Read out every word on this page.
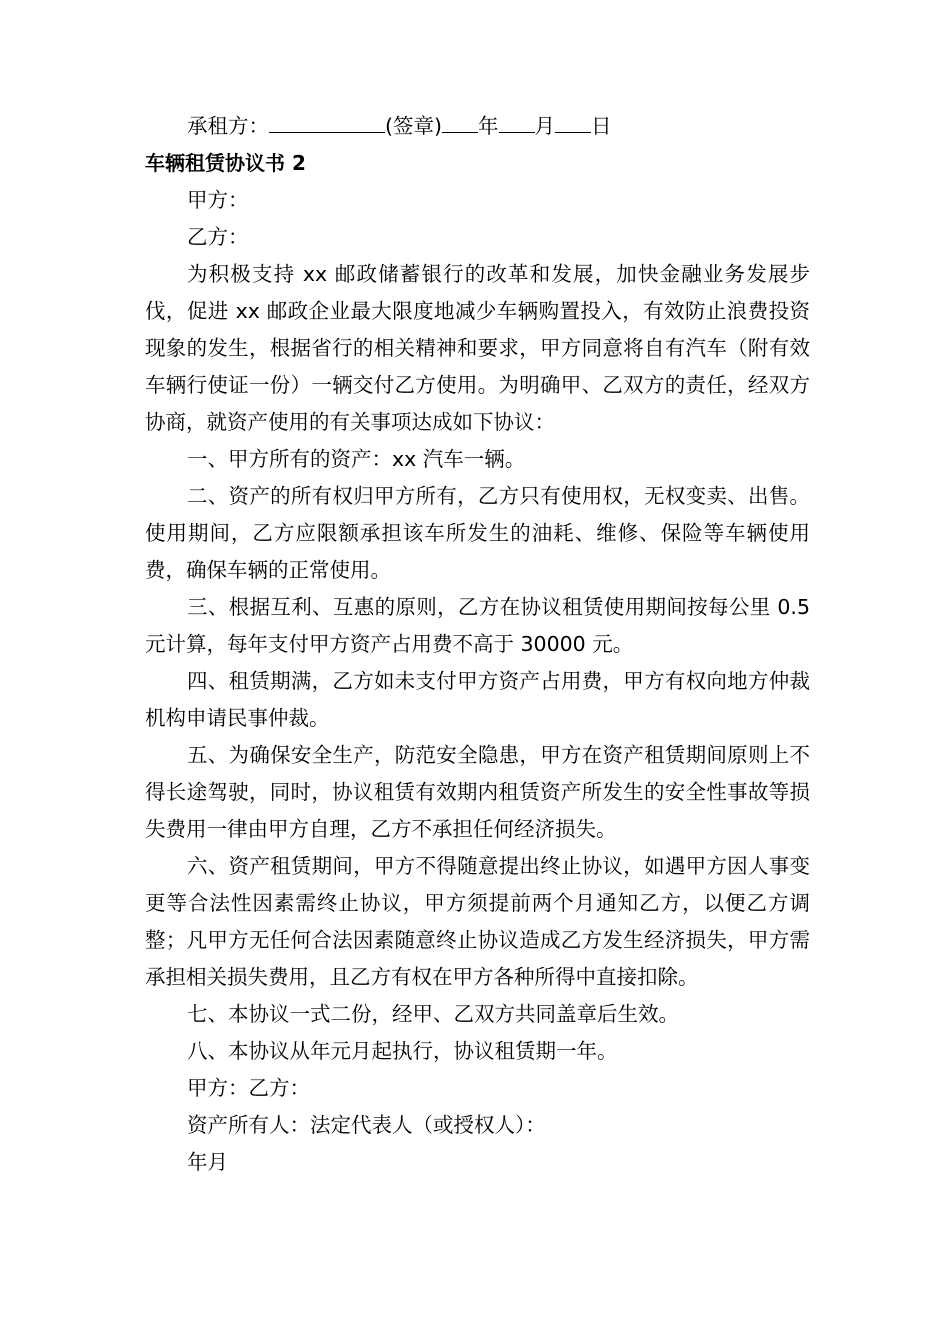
承租方：	(签章) 年 月 日
车辆租赁协议书 2
甲方：
乙方：
为积极支持 xx 邮政储蓄银行的改革和发展，加快金融业务发展步伐，促进 xx 邮政企业最大限度地减少车辆购置投入，有效防止浪费投资现象的发生，根据省行的相关精神和要求，甲方同意将自有汽车（附有效车辆行使证一份）一辆交付乙方使用。为明确甲、乙双方的责任，经双方协商，就资产使用的有关事项达成如下协议：
一、甲方所有的资产：xx 汽车一辆。
二、资产的所有权归甲方所有，乙方只有使用权，无权变卖、出售。使用期间，乙方应限额承担该车所发生的油耗、维修、保险等车辆使用费，确保车辆的正常使用。
三、根据互利、互惠的原则，乙方在协议租赁使用期间按每公里 0.5 元计算，每年支付甲方资产占用费不高于 30000 元。
四、租赁期满，乙方如未支付甲方资产占用费，甲方有权向地方仲裁机构申请民事仲裁。
五、为确保安全生产，防范安全隐患，甲方在资产租赁期间原则上不得长途驾驶，同时，协议租赁有效期内租赁资产所发生的安全性事故等损失费用一律由甲方自理，乙方不承担任何经济损失。
六、资产租赁期间，甲方不得随意提出终止协议，如遇甲方因人事变更等合法性因素需终止协议，甲方须提前两个月通知乙方，以便乙方调整；凡甲方无任何合法因素随意终止协议造成乙方发生经济损失，甲方需承担相关损失费用，且乙方有权在甲方各种所得中直接扣除。
七、本协议一式二份，经甲、乙双方共同盖章后生效。
八、本协议从年元月起执行，协议租赁期一年。
甲方：乙方：
资产所有人：法定代表人（或授权人）：
年月
